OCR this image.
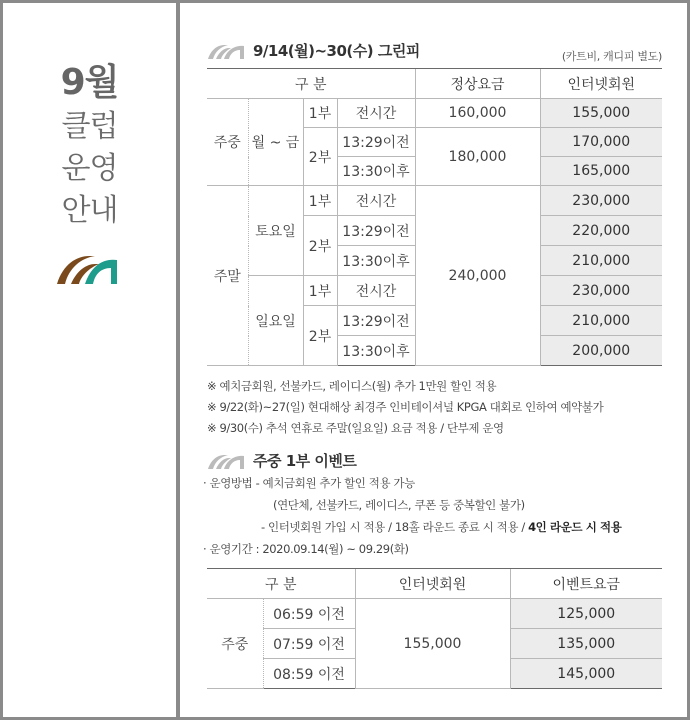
9월
클럽
운영
안내
9/14(월)~30(수) 그린피	(카트비, 캐디피 별도)
구 분				정상요금	인터넷회원
주중	월 ~ 금	1부	전시간	160,000	155,000
		2부	13:29이전	180,000	170,000
			13:30이후		165,000
주말	토요일	1부	전시간	240,000	230,000
		2부	13:29이전		220,000
			13:30이후		210,000
	일요일	1부	전시간		230,000
		2부	13:29이전		210,000
			13:30이후		200,000
※ 예치금회원, 선불카드, 레이디스(월) 추가 1만원 할인 적용
※ 9/22(화)~27(일) 현대해상 최경주 인비테이셔널 KPGA 대회로 인하여 예약불가
※ 9/30(수) 추석 연휴로 주말(일요일) 요금 적용 / 단부제 운영
주중 1부 이벤트
· 운영방법 - 예치금회원 추가 할인 적용 가능
(연단체, 선불카드, 레이디스, 쿠폰 등 중복할인 불가)
- 인터넷회원 가입 시 적용 / 18홀 라운드 종료 시 적용 / 4인 라운드 시 적용
· 운영기간 : 2020.09.14(월) ~ 09.29(화)
구 분		인터넷회원	이벤트요금
주중	06:59 이전	155,000	125,000
	07:59 이전		135,000
	08:59 이전		145,000
